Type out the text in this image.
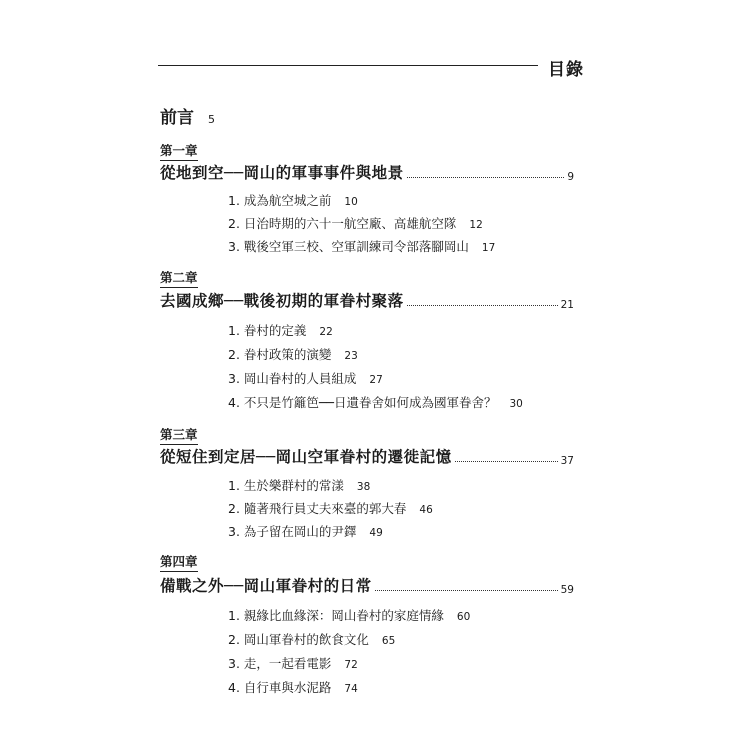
目錄
前言 5
第一章
從地到空──岡山的軍事事件與地景	9
1. 成為航空城之前 10
2. 日治時期的六十一航空廠、高雄航空隊 12
3. 戰後空軍三校、空軍訓練司令部落腳岡山 17
第二章
去國成鄉──戰後初期的軍眷村聚落	21
1. 眷村的定義 22
2. 眷村政策的演變 23
3. 岡山眷村的人員組成 27
4. 不只是竹籬笆──日遺眷舍如何成為國軍眷舍？ 30
第三章
從短住到定居──岡山空軍眷村的遷徙記憶	37
1. 生於樂群村的常漾 38
2. 隨著飛行員丈夫來臺的郭大春 46
3. 為子留在岡山的尹鐸 49
第四章
備戰之外──岡山軍眷村的日常	59
1. 親緣比血緣深：岡山眷村的家庭情緣 60
2. 岡山軍眷村的飲食文化 65
3. 走，一起看電影 72
4. 自行車與水泥路 74
